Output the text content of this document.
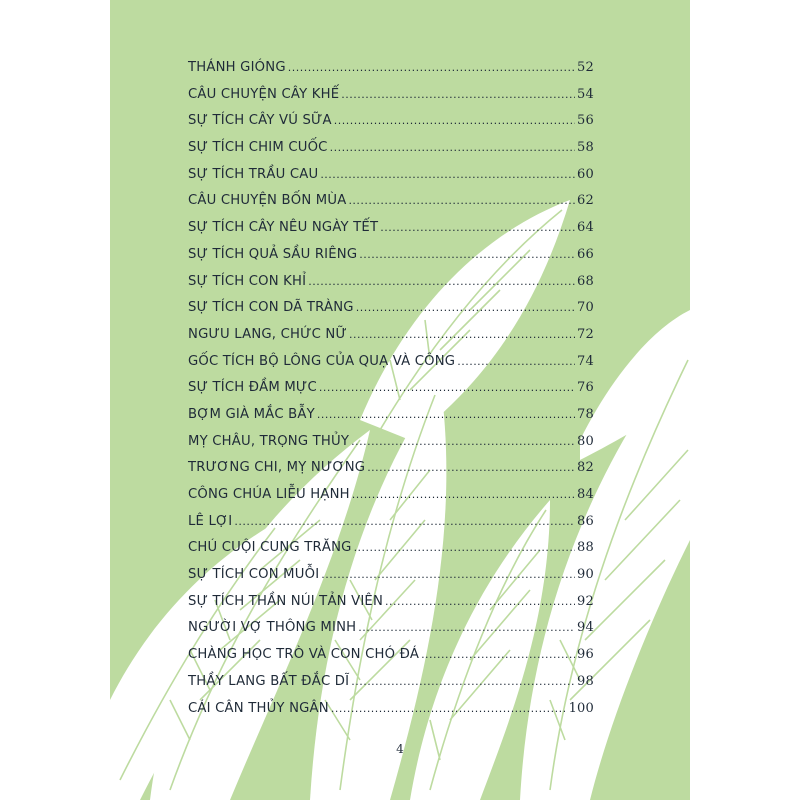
THÁNH GIÓNG .....	52
CÂU CHUYỆN CÂY KHẾ .....	54
SỰ TÍCH CÂY VÚ SỮA .....	56
SỰ TÍCH CHIM CUỐC .....	58
SỰ TÍCH TRẦU CAU .....	60
CÂU CHUYỆN BỐN MÙA .....	62
SỰ TÍCH CÂY NÊU NGÀY TẾT .....	64
SỰ TÍCH QUẢ SẦU RIÊNG .....	66
SỰ TÍCH CON KHỈ .....	68
SỰ TÍCH CON DÃ TRÀNG .....	70
NGƯU LANG, CHỨC NỮ .....	72
GỐC TÍCH BỘ LÔNG CỦA QUẠ VÀ CÔNG .....	74
SỰ TÍCH ĐẦM MỰC .....	76
BỢM GIÀ MẮC BẪY .....	78
MỴ CHÂU, TRỌNG THỦY .....	80
TRƯƠNG CHI, MỴ NƯƠNG .....	82
CÔNG CHÚA LIỄU HẠNH .....	84
LÊ LỢI .....	86
CHÚ CUỘI CUNG TRĂNG .....	88
SỰ TÍCH CON MUỖI .....	90
SỰ TÍCH THẦN NÚI TẢN VIÊN .....	92
NGƯỜI VỢ THÔNG MINH .....	94
CHÀNG HỌC TRÒ VÀ CON CHÓ ĐÁ .....	96
THẦY LANG BẤT ĐẮC DĨ .....	98
CÁI CÂN THỦY NGÂN .....	100
4
